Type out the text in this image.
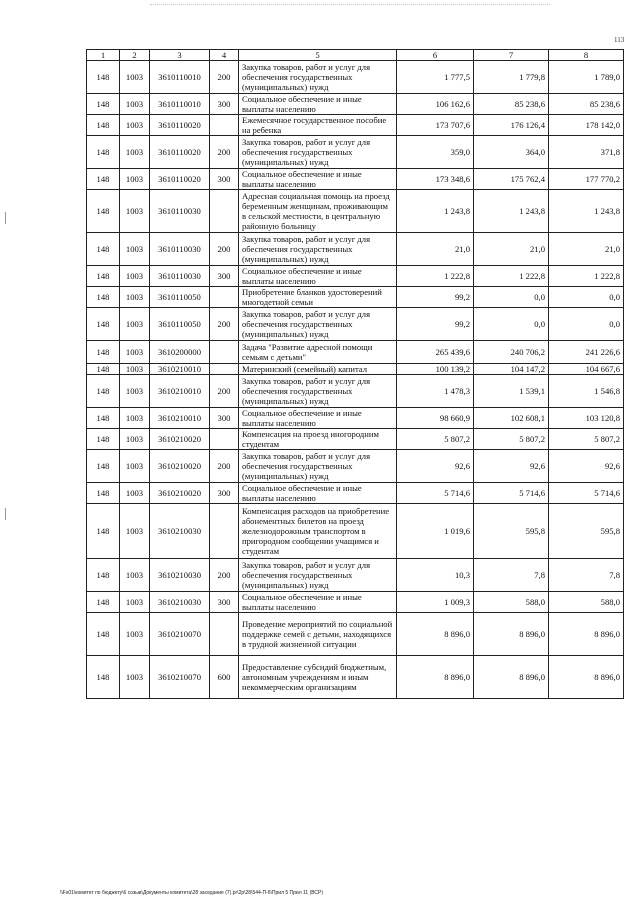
113
1	2	3	4	5	6	7	8
148	1003	3610110010	200	Закупка товаров, работ и услуг для обеспечения государственных (муниципальных) нужд	1 777,5	1 779,8	1 789,0
148	1003	3610110010	300	Социальное обеспечение и иные выплаты населению	106 162,6	85 238,6	85 238,6
148	1003	3610110020		Ежемесячное государственное пособие на ребенка	173 707,6	176 126,4	178 142,0
148	1003	3610110020	200	Закупка товаров, работ и услуг для обеспечения государственных (муниципальных) нужд	359,0	364,0	371,8
148	1003	3610110020	300	Социальное обеспечение и иные выплаты населению	173 348,6	175 762,4	177 770,2
148	1003	3610110030		Адресная социальная помощь на проезд беременным женщинам, проживающим в сельской местности, в центральную районную больницу	1 243,8	1 243,8	1 243,8
148	1003	3610110030	200	Закупка товаров, работ и услуг для обеспечения государственных (муниципальных) нужд	21,0	21,0	21,0
148	1003	3610110030	300	Социальное обеспечение и иные выплаты населению	1 222,8	1 222,8	1 222,8
148	1003	3610110050		Приобретение бланков удостоверений многодетной семьи	99,2	0,0	0,0
148	1003	3610110050	200	Закупка товаров, работ и услуг для обеспечения государственных (муниципальных) нужд	99,2	0,0	0,0
148	1003	3610200000		Задача "Развитие адресной помощи семьям с детьми"	265 439,6	240 706,2	241 226,6
148	1003	3610210010		Материнский (семейный) капитал	100 139,2	104 147,2	104 667,6
148	1003	3610210010	200	Закупка товаров, работ и услуг для обеспечения государственных (муниципальных) нужд	1 478,3	1 539,1	1 546,8
148	1003	3610210010	300	Социальное обеспечение и иные выплаты населению	98 660,9	102 608,1	103 120,8
148	1003	3610210020		Компенсация на проезд иногородним студентам	5 807,2	5 807,2	5 807,2
148	1003	3610210020	200	Закупка товаров, работ и услуг для обеспечения государственных (муниципальных) нужд	92,6	92,6	92,6
148	1003	3610210020	300	Социальное обеспечение и иные выплаты населению	5 714,6	5 714,6	5 714,6
148	1003	3610210030		Компенсация расходов на приобретение абонементных билетов на проезд железнодорожным транспортом в пригородном сообщении учащимся и студентам	1 019,6	595,8	595,8
148	1003	3610210030	200	Закупка товаров, работ и услуг для обеспечения государственных (муниципальных) нужд	10,3	7,8	7,8
148	1003	3610210030	300	Социальное обеспечение и иные выплаты населению	1 009,3	588,0	588,0
148	1003	3610210070		Проведение мероприятий по социальной поддержке семей с детьми, находящихся в трудной жизненной ситуации	8 896,0	8 896,0	8 896,0
148	1003	3610210070	600	Предоставление субсидий бюджетным, автономным учреждениям и иным некоммерческим организациям	8 896,0	8 896,0	8 896,0
\\Fs01\комитет по бюджету\6 созыв\Документы комитета\28 заседание (7).pr\2р\28\544-П-6\Прил 5 Прил 11 (ВСР)
